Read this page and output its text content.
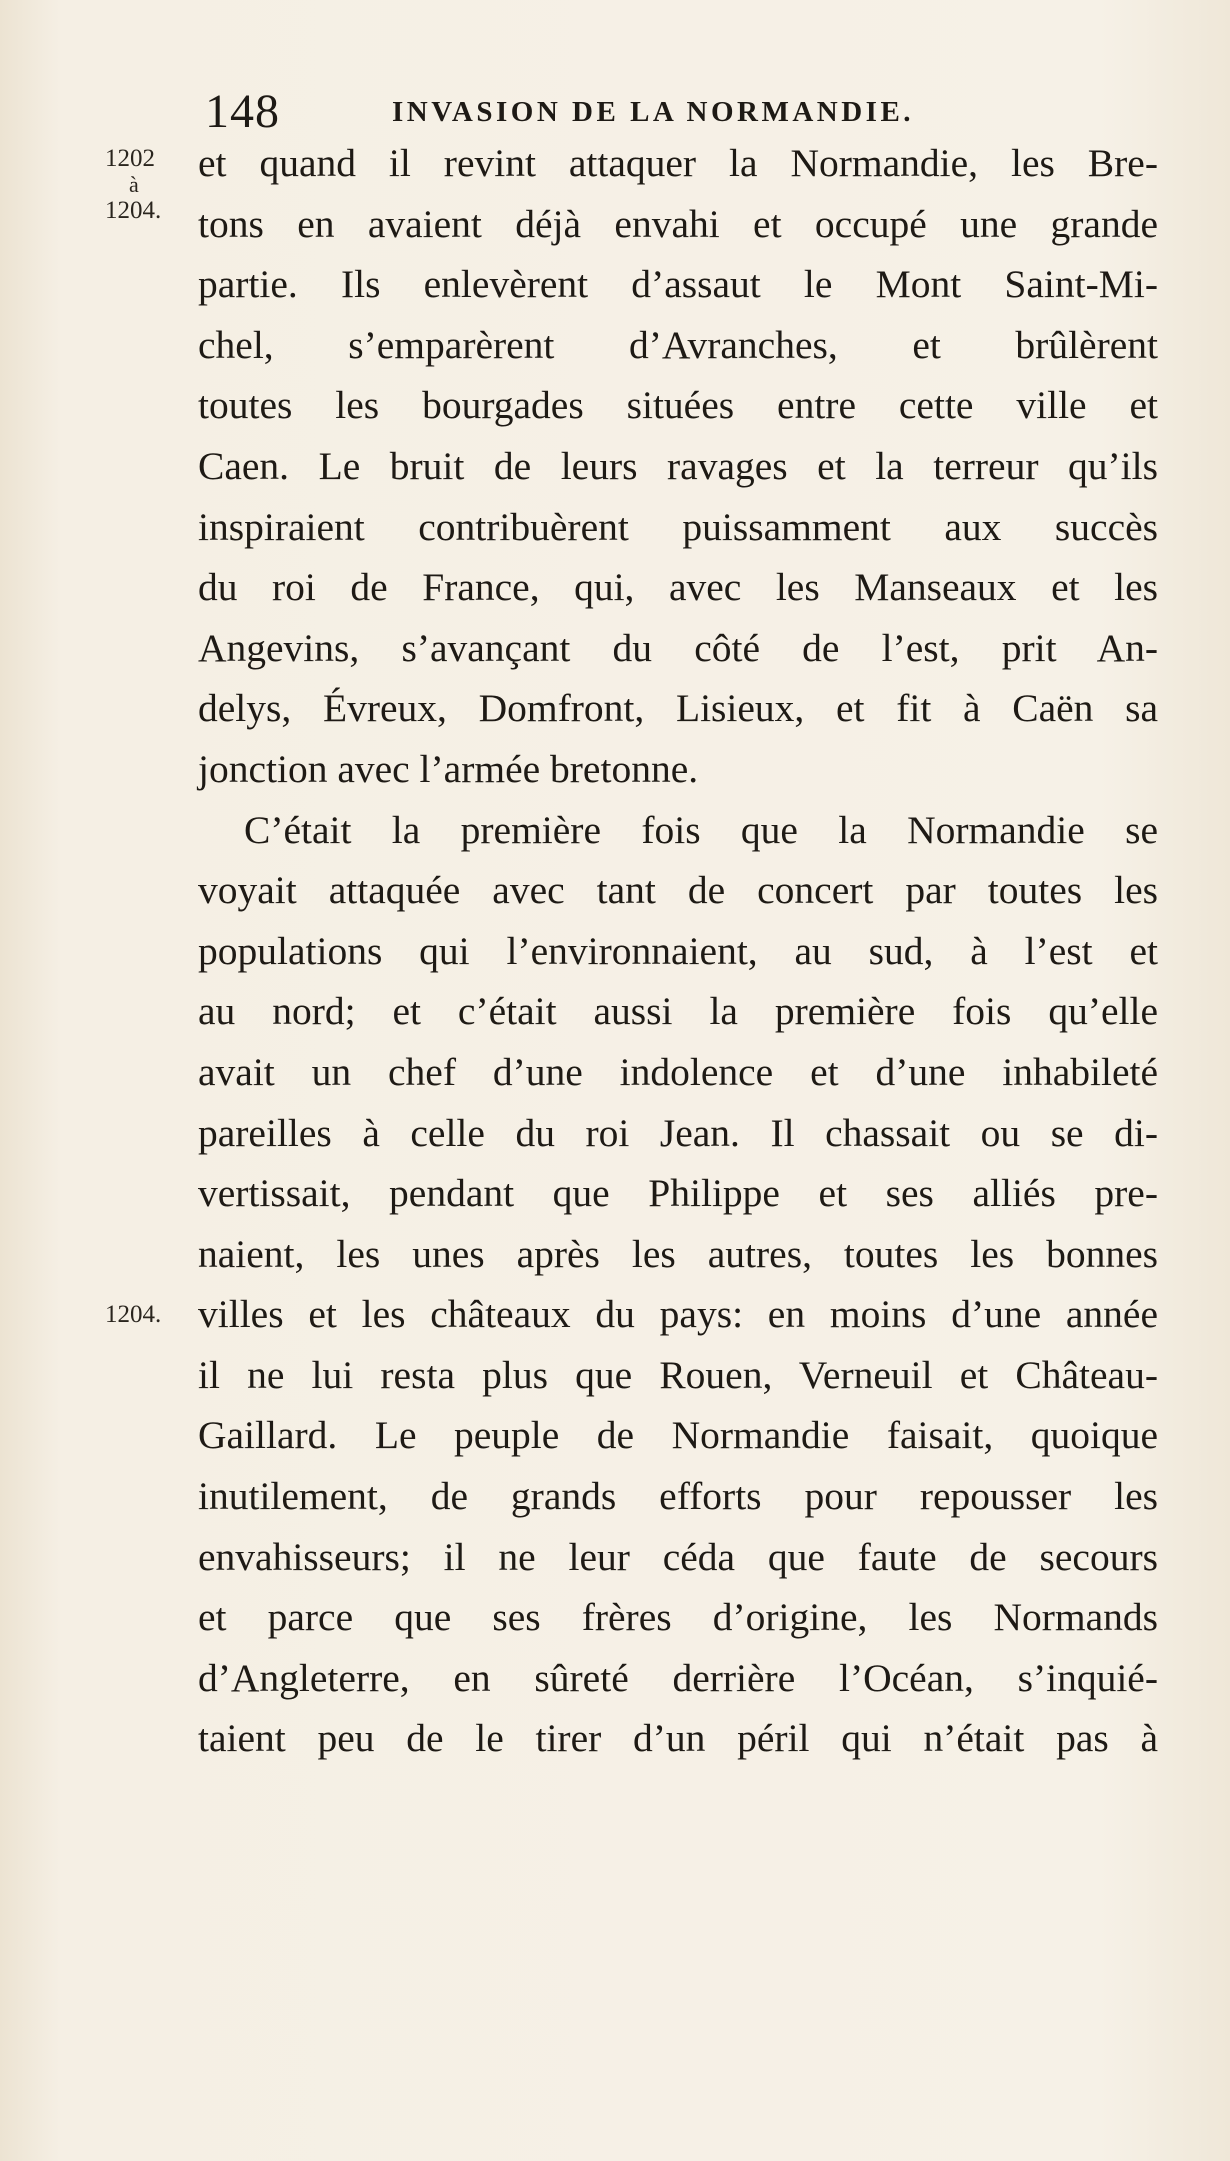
148	INVASION DE LA NORMANDIE.
1202
à
1204.
1204.
et quand il revint attaquer la Normandie, les Bre-
tons en avaient déjà envahi et occupé une grande
partie. Ils enlevèrent d’assaut le Mont Saint-Mi-
chel, s’emparèrent d’Avranches, et brûlèrent
toutes les bourgades situées entre cette ville et
Caen. Le bruit de leurs ravages et la terreur qu’ils
inspiraient contribuèrent puissamment aux succès
du roi de France, qui, avec les Manseaux et les
Angevins, s’avançant du côté de l’est, prit An-
delys, Évreux, Domfront, Lisieux, et fit à Caën sa
jonction avec l’armée bretonne.
C’était la première fois que la Normandie se
voyait attaquée avec tant de concert par toutes les
populations qui l’environnaient, au sud, à l’est et
au nord; et c’était aussi la première fois qu’elle
avait un chef d’une indolence et d’une inhabileté
pareilles à celle du roi Jean. Il chassait ou se di-
vertissait, pendant que Philippe et ses alliés pre-
naient, les unes après les autres, toutes les bonnes
villes et les châteaux du pays: en moins d’une année
il ne lui resta plus que Rouen, Verneuil et Château-
Gaillard. Le peuple de Normandie faisait, quoique
inutilement, de grands efforts pour repousser les
envahisseurs; il ne leur céda que faute de secours
et parce que ses frères d’origine, les Normands
d’Angleterre, en sûreté derrière l’Océan, s’inquié-
taient peu de le tirer d’un péril qui n’était pas à
